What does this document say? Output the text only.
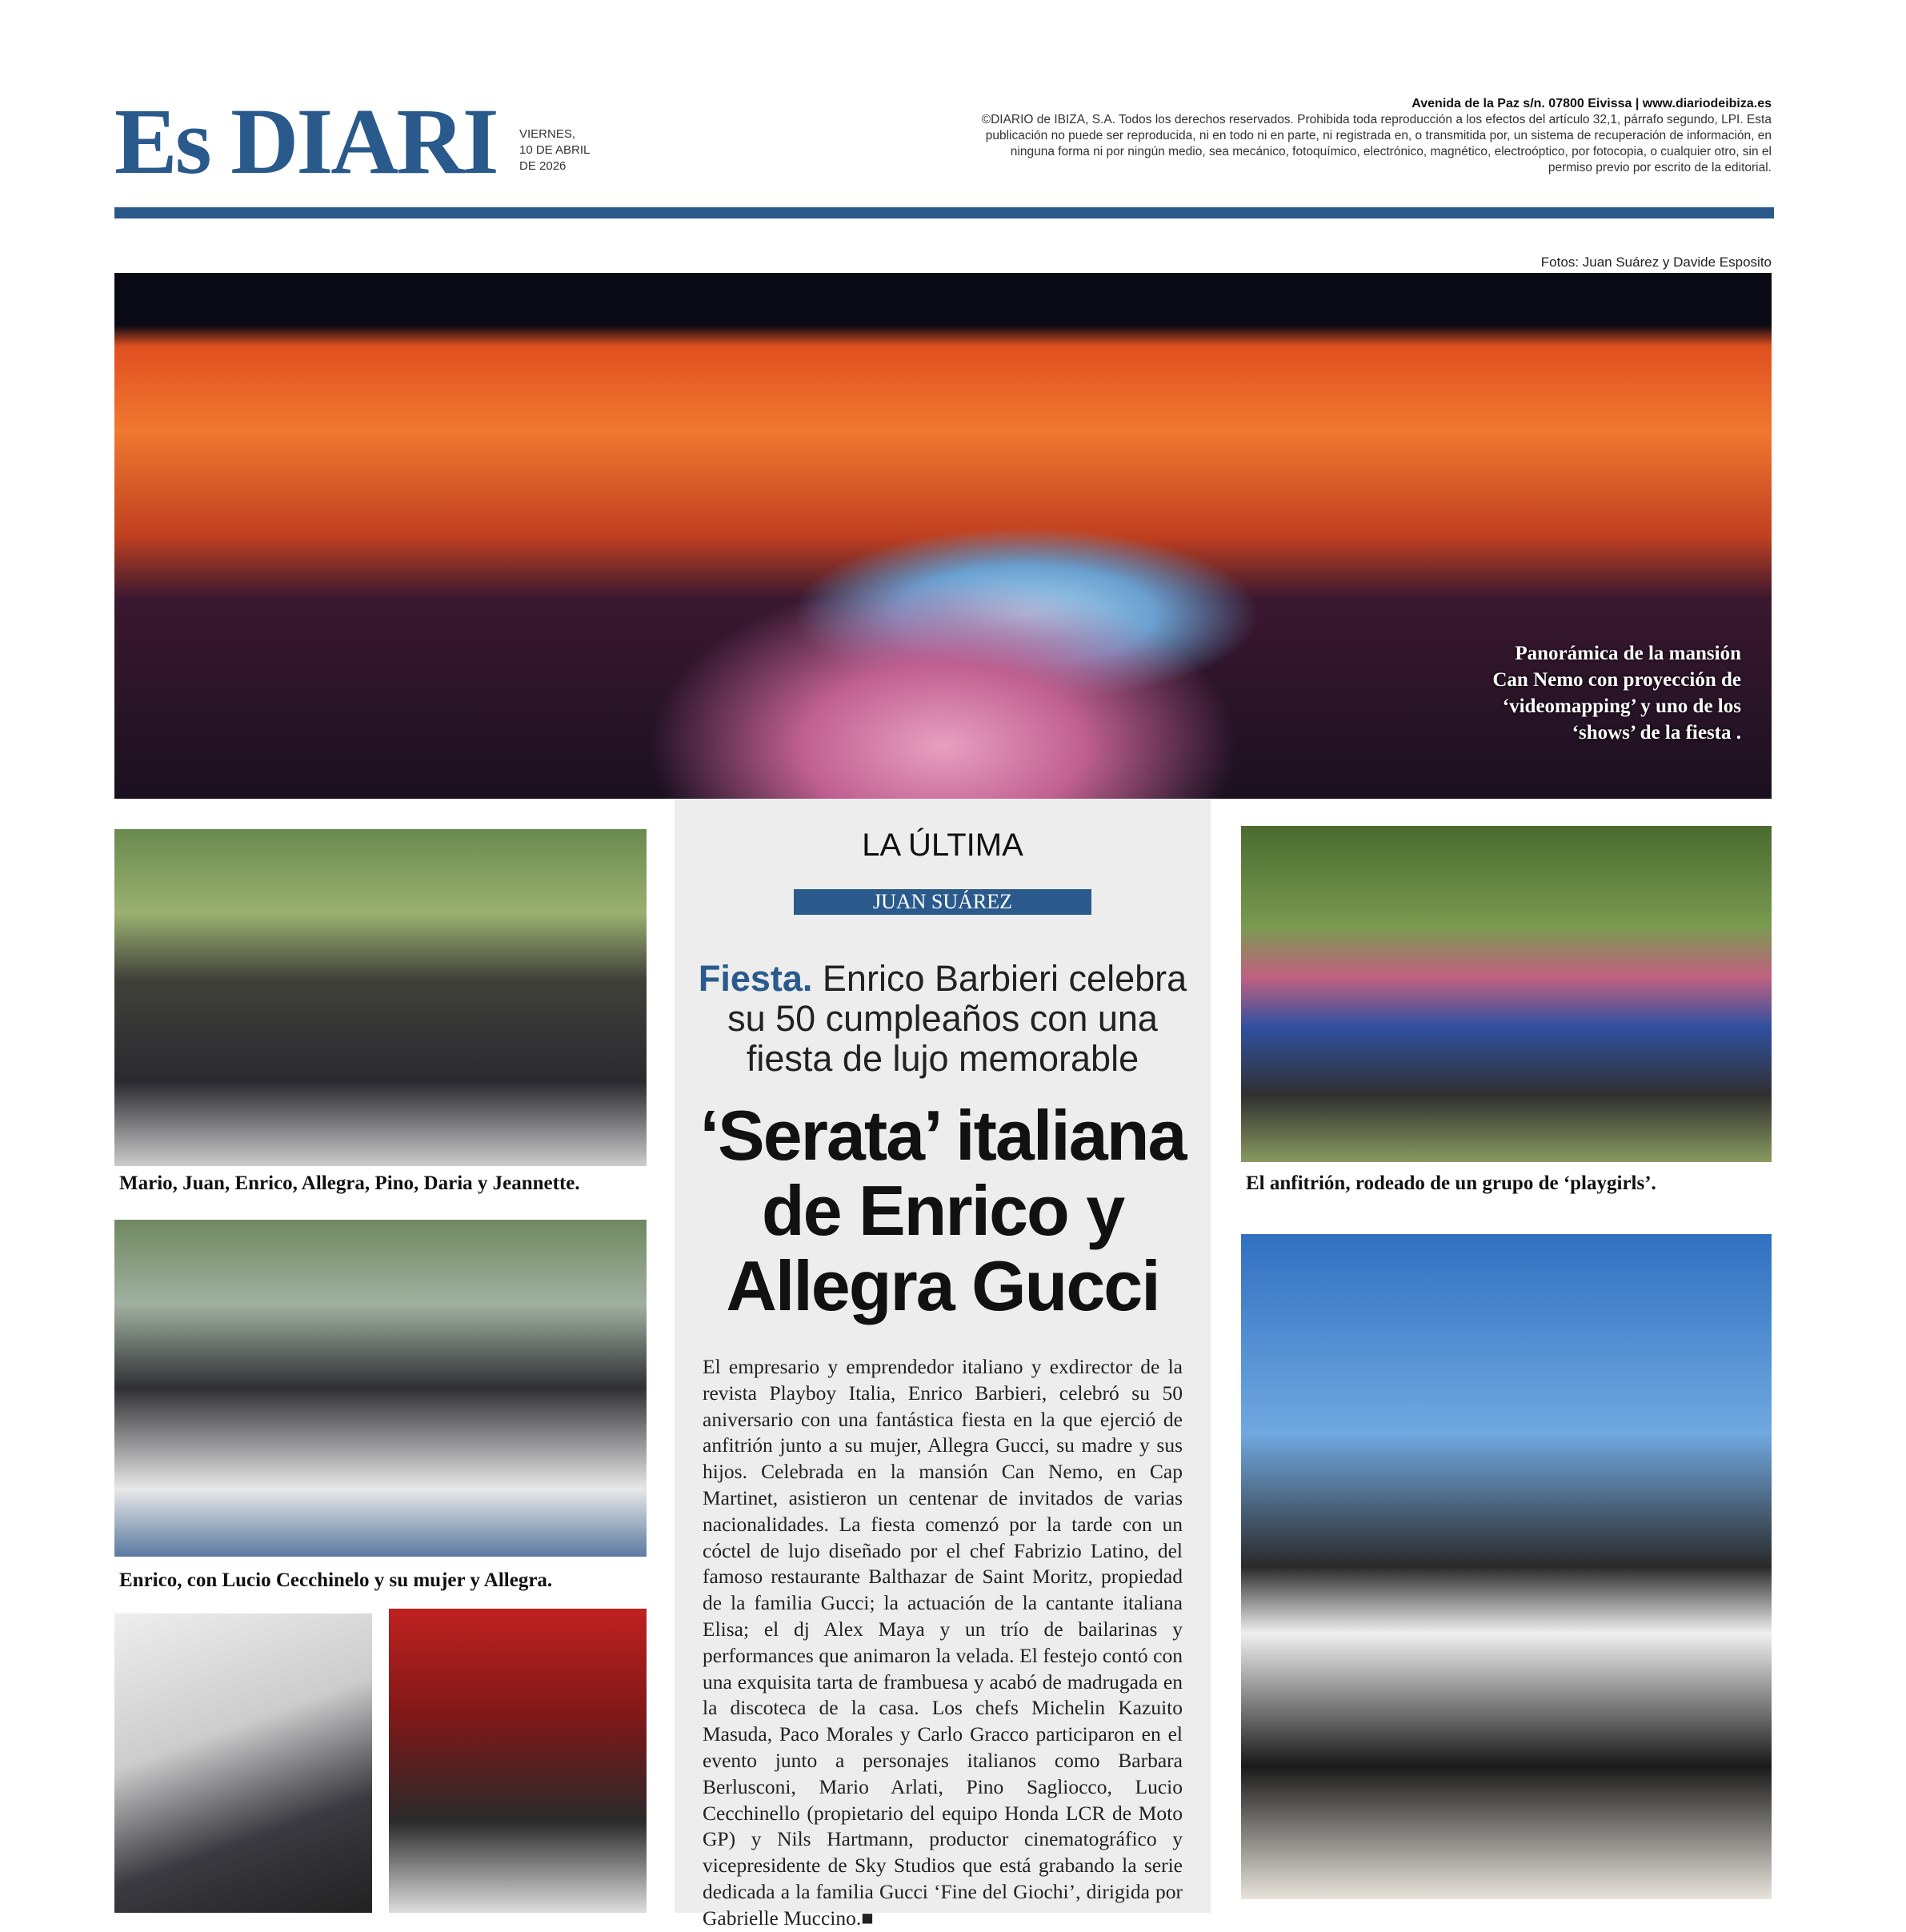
Es DIARI VIERNES, 10 DE ABRIL DE 2026
Avenida de la Paz s/n. 07800 Eivissa | www.diariodeibiza.es
©DIARIO de IBIZA, S.A. Todos los derechos reservados. Prohibida toda reproducción a los efectos del artículo 32,1, párrafo segundo, LPI. Esta publicación no puede ser reproducida, ni en todo ni en parte, ni registrada en, o transmitida por, un sistema de recuperación de información, en ninguna forma ni por ningún medio, sea mecánico, fotoquímico, electrónico, magnético, electroóptico, por fotocopia, o cualquier otro, sin el permiso previo por escrito de la editorial.
Fotos: Juan Suárez y Davide Esposito
Panorámica de la mansión Can Nemo con proyección de ‘videomapping’ y uno de los ‘shows’ de la fiesta .
Mario, Juan, Enrico, Allegra, Pino, Daria y Jeannette.
Enrico, con Lucio Cecchinelo y su mujer y Allegra.
LA ÚLTIMA
JUAN SUÁREZ
Fiesta. Enrico Barbieri celebra su 50 cumpleaños con una fiesta de lujo memorable
‘Serata’ italiana de Enrico y Allegra Gucci
El empresario y emprendedor italiano y exdirector de la revista Playboy Italia, Enrico Barbieri, celebró su 50 aniversario con una fantástica fiesta en la que ejerció de anfitrión junto a su mujer, Allegra Gucci, su madre y sus hijos. Celebrada en la mansión Can Nemo, en Cap Martinet, asistieron un centenar de invitados de varias nacionalidades. La fiesta comenzó por la tarde con un cóctel de lujo diseñado por el chef Fabrizio Latino, del famoso restaurante Balthazar de Saint Moritz, propiedad de la familia Gucci; la actuación de la cantante italiana Elisa; el dj Alex Maya y un trío de bailarinas y performances que animaron la velada. El festejo contó con una exquisita tarta de frambuesa y acabó de madrugada en la discoteca de la casa. Los chefs Michelin Kazuito Masuda, Paco Morales y Carlo Gracco participaron en el evento junto a personajes italianos como Barbara Berlusconi, Mario Arlati, Pino Sagliocco, Lucio Cecchinello (propietario del equipo Honda LCR de Moto GP) y Nils Hartmann, productor cinematográfico y vicepresidente de Sky Studios que está grabando la serie dedicada a la familia Gucci ‘Fine del Giochi’, dirigida por Gabrielle Muccino.■
El anfitrión, rodeado de un grupo de ‘playgirls’.
